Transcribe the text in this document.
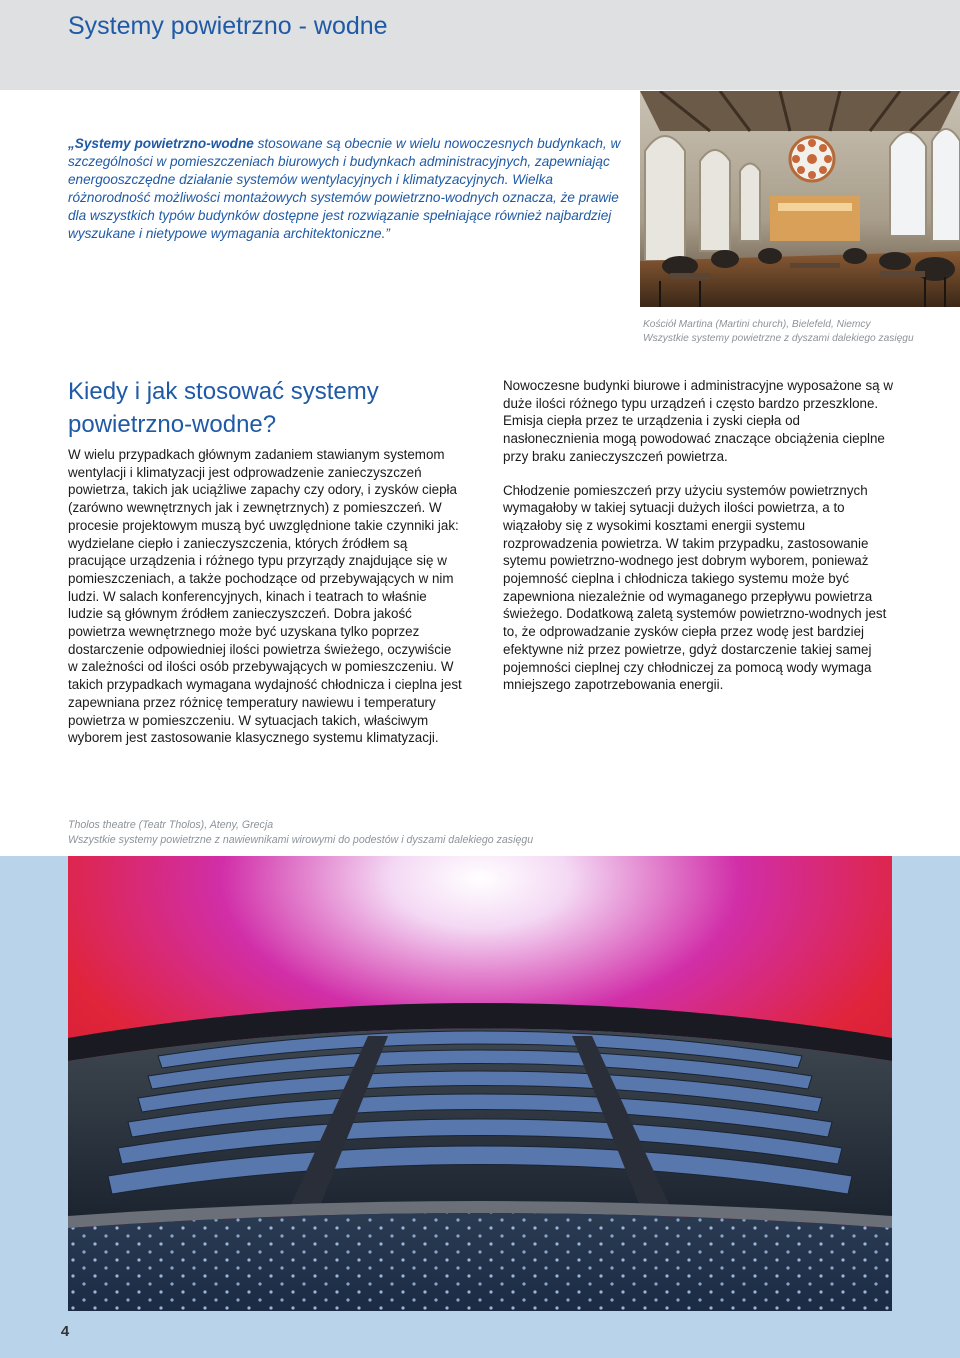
Systemy powietrzno - wodne

„Systemy powietrzno-wodne stosowane są obecnie w wielu nowoczesnych budynkach, w szczególności w pomieszczeniach biurowych i budynkach administracyjnych, zapewniając energooszczędne działanie systemów wentylacyjnych i klimatyzacyjnych. Wielka różnorodność możliwości montażowych systemów powietrzno-wodnych oznacza, że prawie dla wszystkich typów budynków dostępne jest rozwiązanie spełniające również najbardziej wyszukane i nietypowe wymagania architektoniczne.”

Kościół Martina (Martini church), Bielefeld, Niemcy
Wszystkie systemy powietrzne z dyszami dalekiego zasięgu
Kiedy i jak stosować systemy powietrzno-wodne?

W wielu przypadkach głównym zadaniem stawianym systemom wentylacji i klimatyzacji jest odprowadzenie zanieczyszczeń powietrza, takich jak uciążliwe zapachy czy odory, i zysków ciepła (zarówno wewnętrznych jak i zewnętrznych) z pomieszczeń. W procesie projektowym muszą być uwzględnione takie czynniki jak: wydzielane ciepło i zanieczyszczenia, których źródłem są pracujące urządzenia i różnego typu przyrządy znajdujące się w pomieszczeniach, a także pochodzące od przebywających w nim ludzi. W salach konferencyjnych, kinach i teatrach to właśnie ludzie są głównym źródłem zanieczyszczeń. Dobra jakość powietrza wewnętrznego może być uzyskana tylko poprzez dostarczenie odpowiedniej ilości powietrza świeżego, oczywiście w zależności od ilości osób przebywających w pomieszczeniu. W takich przypadkach wymagana wydajność chłodnicza i cieplna jest zapewniana przez różnicę temperatury nawiewu i temperatury powietrza w pomieszczeniu. W sytuacjach takich, właściwym wyborem jest zastosowanie klasycznego systemu klimatyzacji.

Nowoczesne budynki biurowe i administracyjne wyposażone są w duże ilości różnego typu urządzeń i często bardzo przeszklone. Emisja ciepła przez te urządzenia i zyski ciepła od nasłonecznienia mogą powodować znaczące obciążenia cieplne przy braku zanieczyszczeń powietrza.

Chłodzenie pomieszczeń przy użyciu systemów powietrznych wymagałoby w takiej sytuacji dużych ilości powietrza, a to wiązałoby się z wysokimi kosztami energii systemu rozprowadzenia powietrza. W takim przypadku, zastosowanie sytemu powietrzno-wodnego jest dobrym wyborem, ponieważ pojemność cieplna i chłodnicza takiego systemu może być zapewniona niezależnie od wymaganego przepływu powietrza świeżego. Dodatkową zaletą systemów powietrzno-wodnych jest to, że odprowadzanie zysków ciepła przez wodę jest bardziej efektywne niż przez powietrze, gdyż dostarczenie takiej samej pojemności cieplnej czy chłodniczej za pomocą wody wymaga mniejszego zapotrzebowania energii.

Tholos theatre (Teatr Tholos), Ateny, Grecja
Wszystkie systemy powietrzne z nawiewnikami wirowymi do podestów i dyszami dalekiego zasięgu
4
